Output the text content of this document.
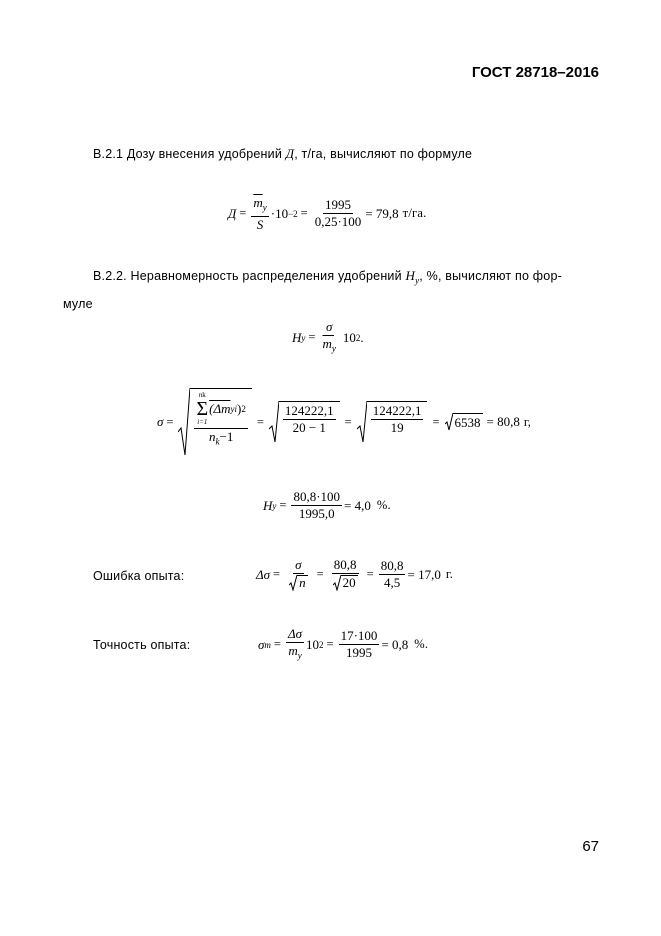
ГОСТ 28718–2016
В.2.1 Дозу внесения удобрений Д, т/га, вычисляют по формуле
$Д = \frac{\overline{m}_у}{S} \cdot 10 -2 = \frac{1995}{0,25\cdot 100} = 79,8$ т/га.
В.2.2. Неравномерность распределения удобрений $H_у$, %, вычисляют по фор-
муле
H $у = \frac{\sigma}{\overline{m}_у} 10$ 2 .
σ =
nk
Σ
i=1
(Δm уi ) 2
$n_k-1$
= $\frac{124222,1}{20 - 1} = \frac{124222,1}{19} = 6538 = 80,8$ г,
H $у = \frac{80,8\cdot 100}{1995,0} = 4,0$ %.
Ошибка опыта:	$\Delta\sigma = \frac{\sigma}{n} = \frac{80,8}{20} = \frac{80,8}{4,5} = 17,0$ г.
Точность опыта:	σ $т = \frac{\Delta\sigma}{\overline{m}_у} 10$ $2 = \frac{17\cdot 100}{1995} = 0,8$ %.
67
